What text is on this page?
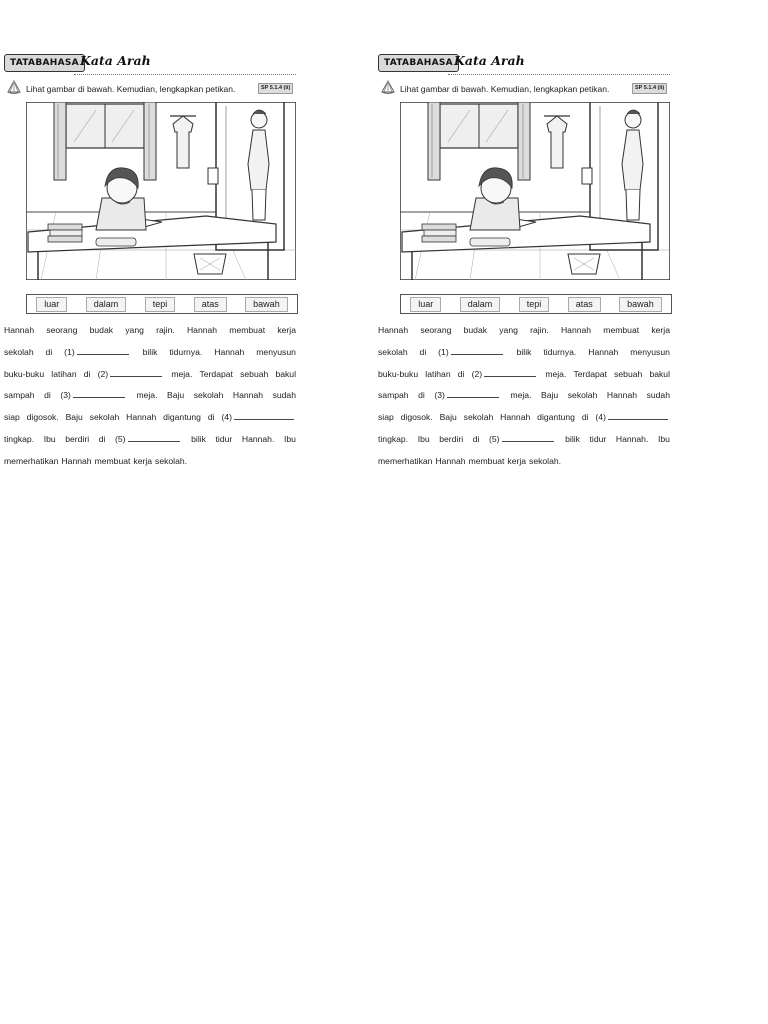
TATABAHASA Kata Arah
Lihat gambar di bawah. Kemudian, lengkapkan petikan.	SP 5.1.4 (ii)
luar	dalam	tepi	atas	bawah
Hannah seorang budak yang rajin. Hannah membuat kerja
sekolah di (1)	bilik tidurnya. Hannah menyusun
buku-buku latihan di (2)	meja. Terdapat sebuah bakul
sampah di (3)	meja. Baju sekolah Hannah sudah
siap digosok. Baju sekolah Hannah digantung di (4)
tingkap. Ibu berdiri di (5)	bilik tidur Hannah. Ibu
memerhatikan Hannah membuat kerja sekolah.
TATABAHASA Kata Arah
Lihat gambar di bawah. Kemudian, lengkapkan petikan.	SP 5.1.4 (ii)
luar	dalam	tepi	atas	bawah
Hannah seorang budak yang rajin. Hannah membuat kerja
sekolah di (1)	bilik tidurnya. Hannah menyusun
buku-buku latihan di (2)	meja. Terdapat sebuah bakul
sampah di (3)	meja. Baju sekolah Hannah sudah
siap digosok. Baju sekolah Hannah digantung di (4)
tingkap. Ibu berdiri di (5)	bilik tidur Hannah. Ibu
memerhatikan Hannah membuat kerja sekolah.
